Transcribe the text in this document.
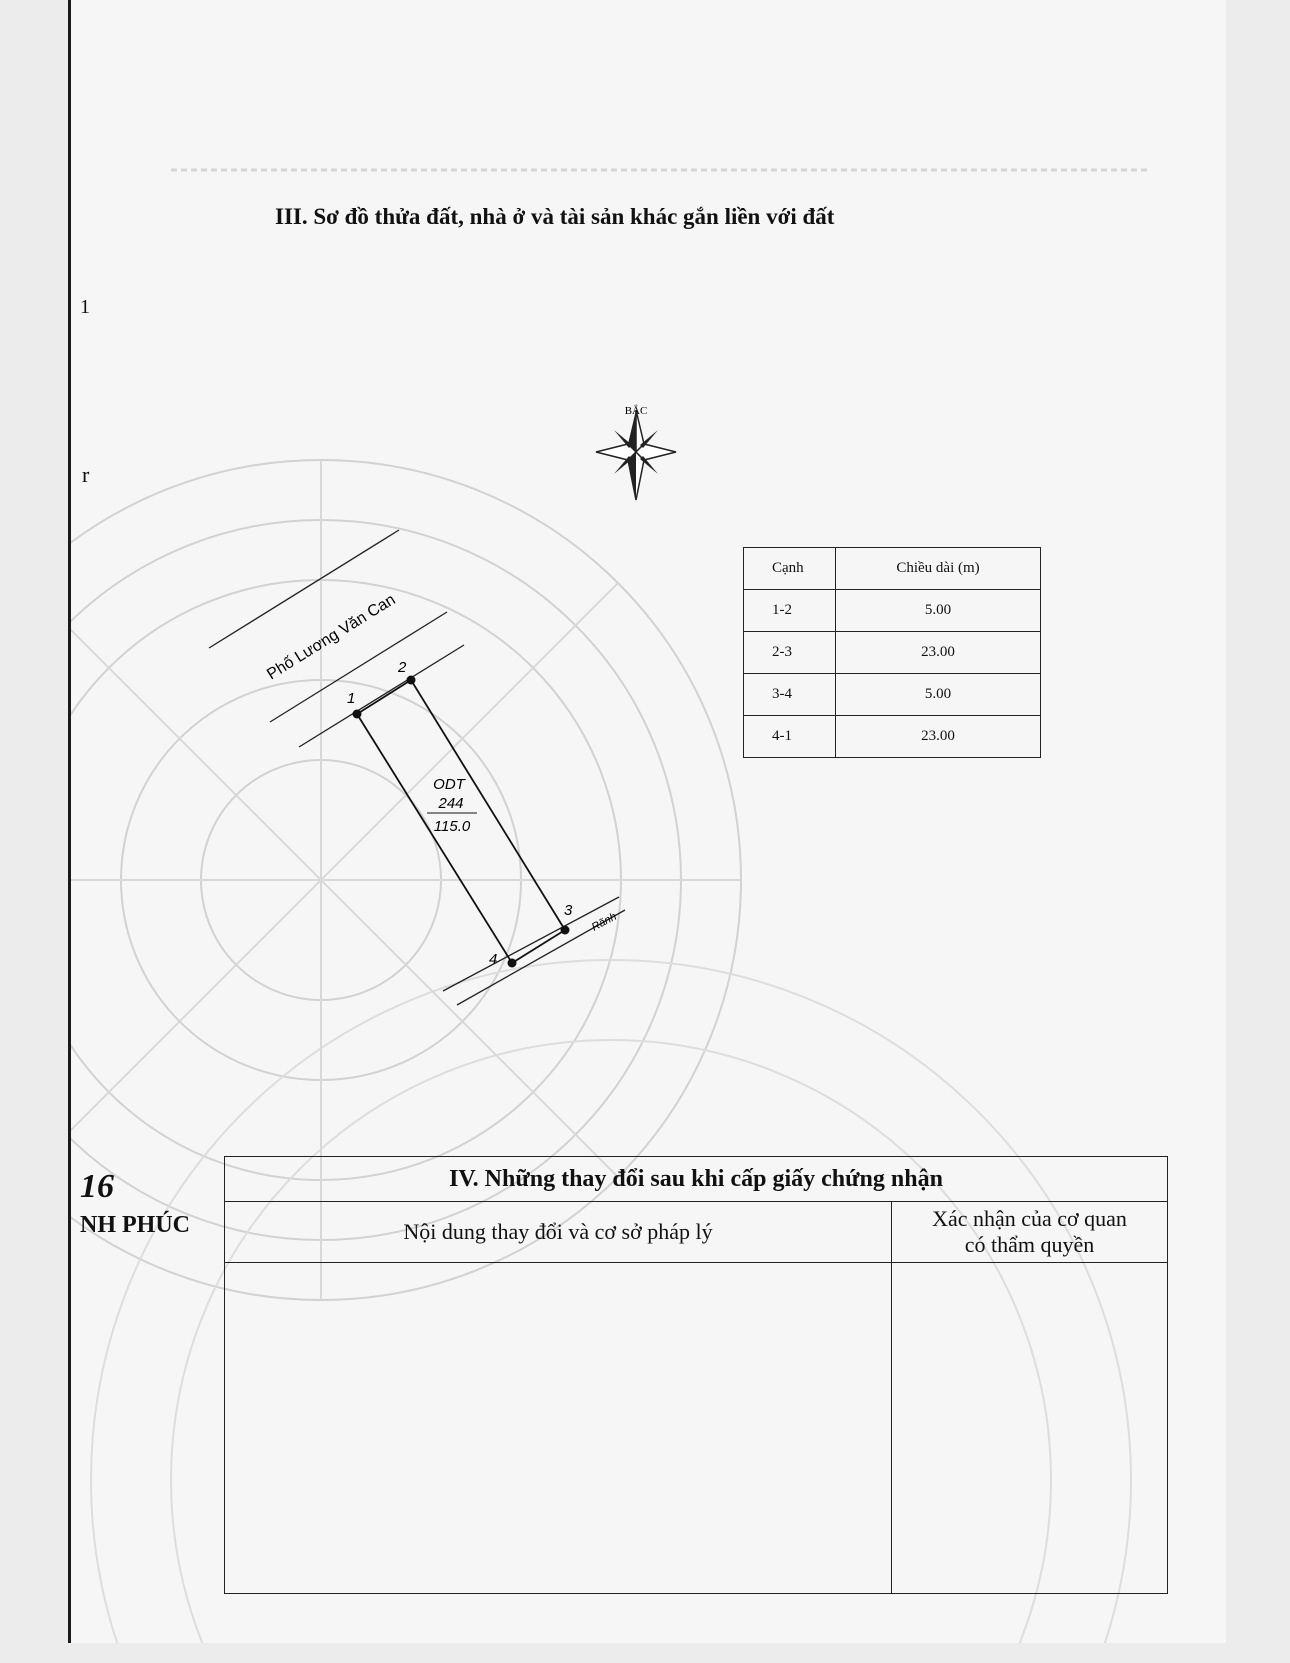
III. Sơ đồ thửa đất, nhà ở và tài sản khác gắn liền với đất
BẮC
Phố Lương Văn Can
Rãnh
1
2
3
4
ODT
244
115.0
Cạnh	Chiều dài (m)
1-2	5.00
2-3	23.00
3-4	5.00
4-1	23.00
IV. Những thay đổi sau khi cấp giấy chứng nhận	
Nội dung thay đổi và cơ sở pháp lý	Xác nhận của cơ quan
có thẩm quyền

1
r
16
NH PHÚC
